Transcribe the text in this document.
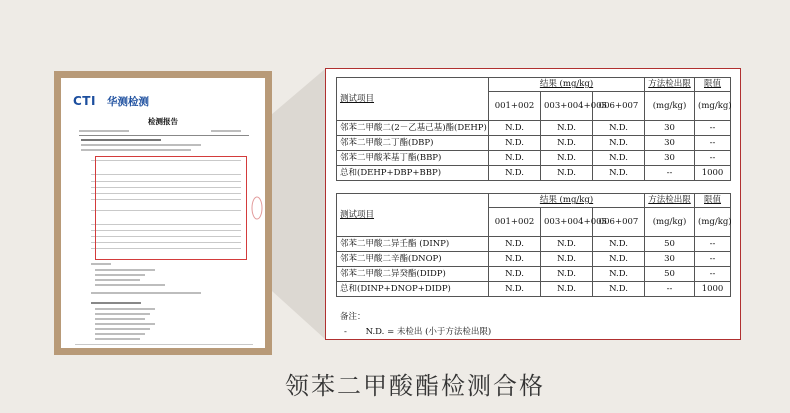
CTI 华测检测
检测报告
测试项目	结果 (mg/kg)			方法检出限	限值
	001+002	003+004+005	006+007	(mg/kg)	(mg/kg)
邻苯二甲酸二(2－乙基己基)酯(DEHP)	N.D.	N.D.	N.D.	30	--
邻苯二甲酸二丁酯(DBP)	N.D.	N.D.	N.D.	30	--
邻苯二甲酸苯基丁酯(BBP)	N.D.	N.D.	N.D.	30	--
总和(DEHP+DBP+BBP)	N.D.	N.D.	N.D.	--	1000
测试项目	结果 (mg/kg)			方法检出限	限值
	001+002	003+004+005	006+007	(mg/kg)	(mg/kg)
邻苯二甲酸二异壬酯 (DINP)	N.D.	N.D.	N.D.	50	--
邻苯二甲酸二辛酯(DNOP)	N.D.	N.D.	N.D.	30	--
邻苯二甲酸二异癸酯(DIDP)	N.D.	N.D.	N.D.	50	--
总和(DINP+DNOP+DIDP)	N.D.	N.D.	N.D.	--	1000
备注：
- N.D. = 未检出 (小于方法检出限)
领苯二甲酸酯检测合格
